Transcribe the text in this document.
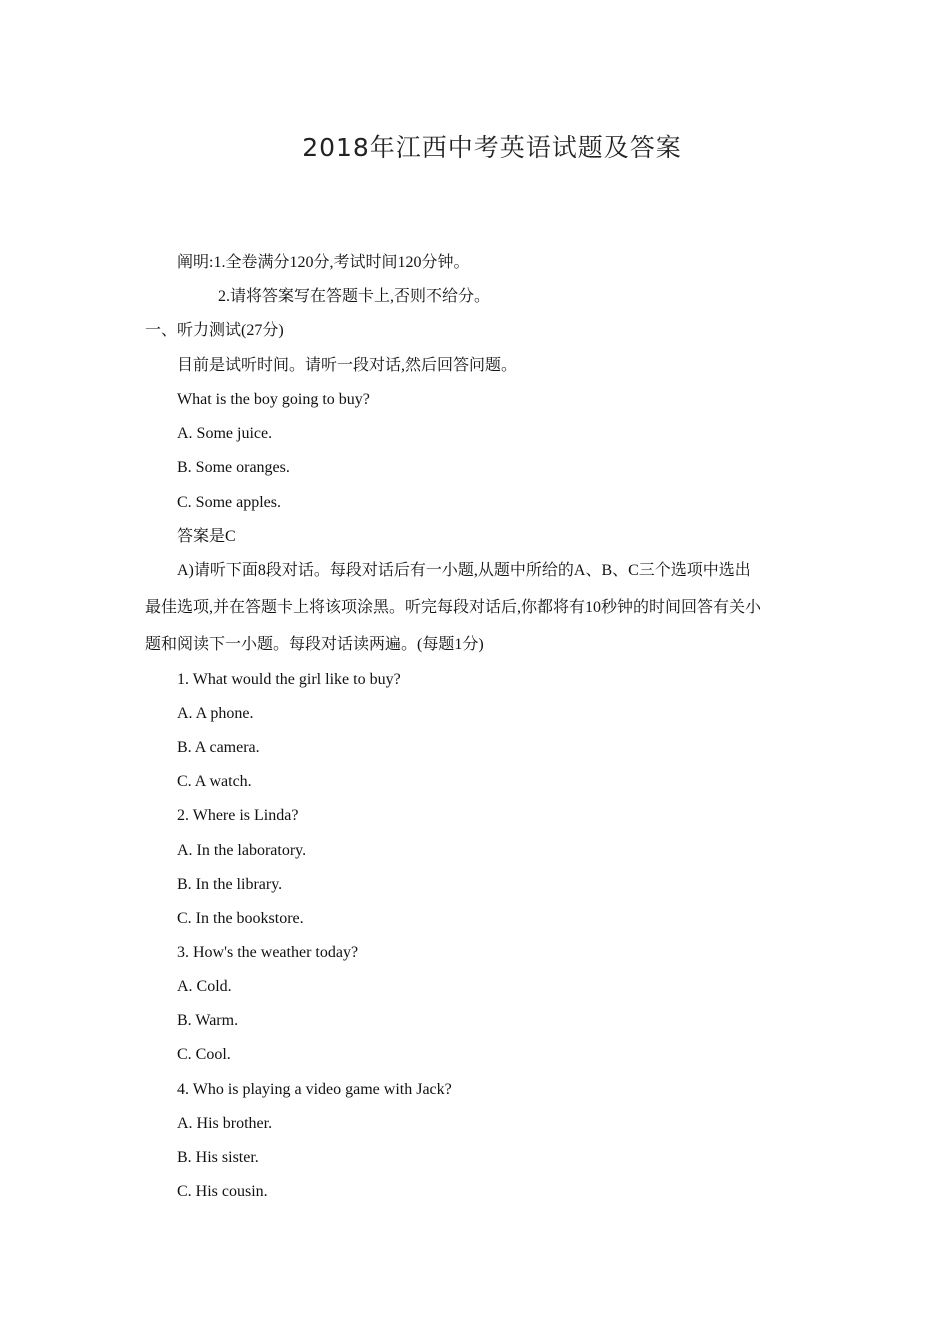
2018年江西中考英语试题及答案
阐明:1.全卷满分120分,考试时间120分钟。
2.请将答案写在答题卡上,否则不给分。
一、听力测试(27分)
目前是试听时间。请听一段对话,然后回答问题。
What is the boy going to buy?
A. Some juice.
B. Some oranges.
C. Some apples.
答案是C
A)请听下面8段对话。每段对话后有一小题,从题中所给的A、B、C三个选项中选出
最佳选项,并在答题卡上将该项涂黑。听完每段对话后,你都将有10秒钟的时间回答有关小
题和阅读下一小题。每段对话读两遍。(每题1分)
1. What would the girl like to buy?
A. A phone.
B. A camera.
C. A watch.
2. Where is Linda?
A. In the laboratory.
B. In the library.
C. In the bookstore.
3. How's the weather today?
A. Cold.
B. Warm.
C. Cool.
4. Who is playing a video game with Jack?
A. His brother.
B. His sister.
C. His cousin.
